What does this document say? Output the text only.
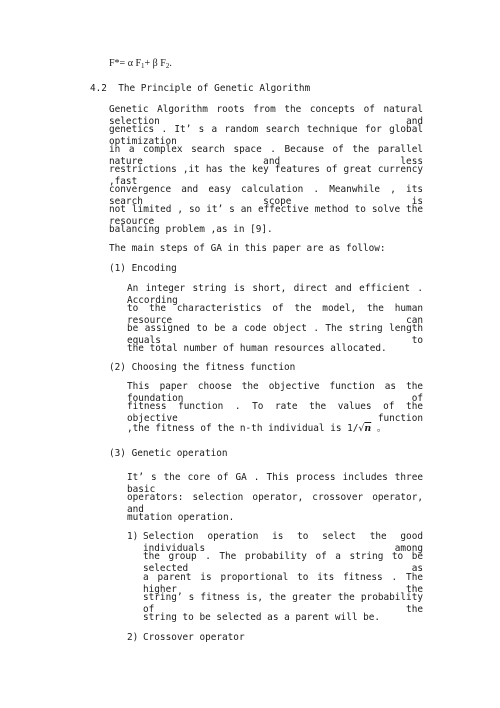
F*= α $F_1+ \beta$ $F_2$.
4.2 The Principle of Genetic Algorithm
Genetic Algorithm roots from the concepts of natural selection and
genetics . It’ s a random search technique for global optimization
in a complex search space . Because of the parallel nature and less
restrictions ,it has the key features of great currency ,fast
convergence and easy calculation . Meanwhile , its search scope is
not limited , so it’ s an effective method to solve the resource
balancing problem ,as in [9].
The main steps of GA in this paper are as follow:
(1) Encoding
An integer string is short, direct and efficient . According
to the characteristics of the model, the human resource can
be assigned to be a code object . The string length equals to
the total number of human resources allocated.
(2) Choosing the fitness function
This paper choose the objective function as the foundation of
fitness function . To rate the values of the objective function
,the fitness of the n-th individual is 1/√n 。
(3) Genetic operation
It’ s the core of GA . This process includes three basic
operators: selection operator, crossover operator, and
mutation operation.
1) Selection operation is to select the good individuals among
the group . The probability of a string to be selected as
a parent is proportional to its fitness . The higher the
string’ s fitness is, the greater the probability of the
string to be selected as a parent will be.
2) Crossover operator
